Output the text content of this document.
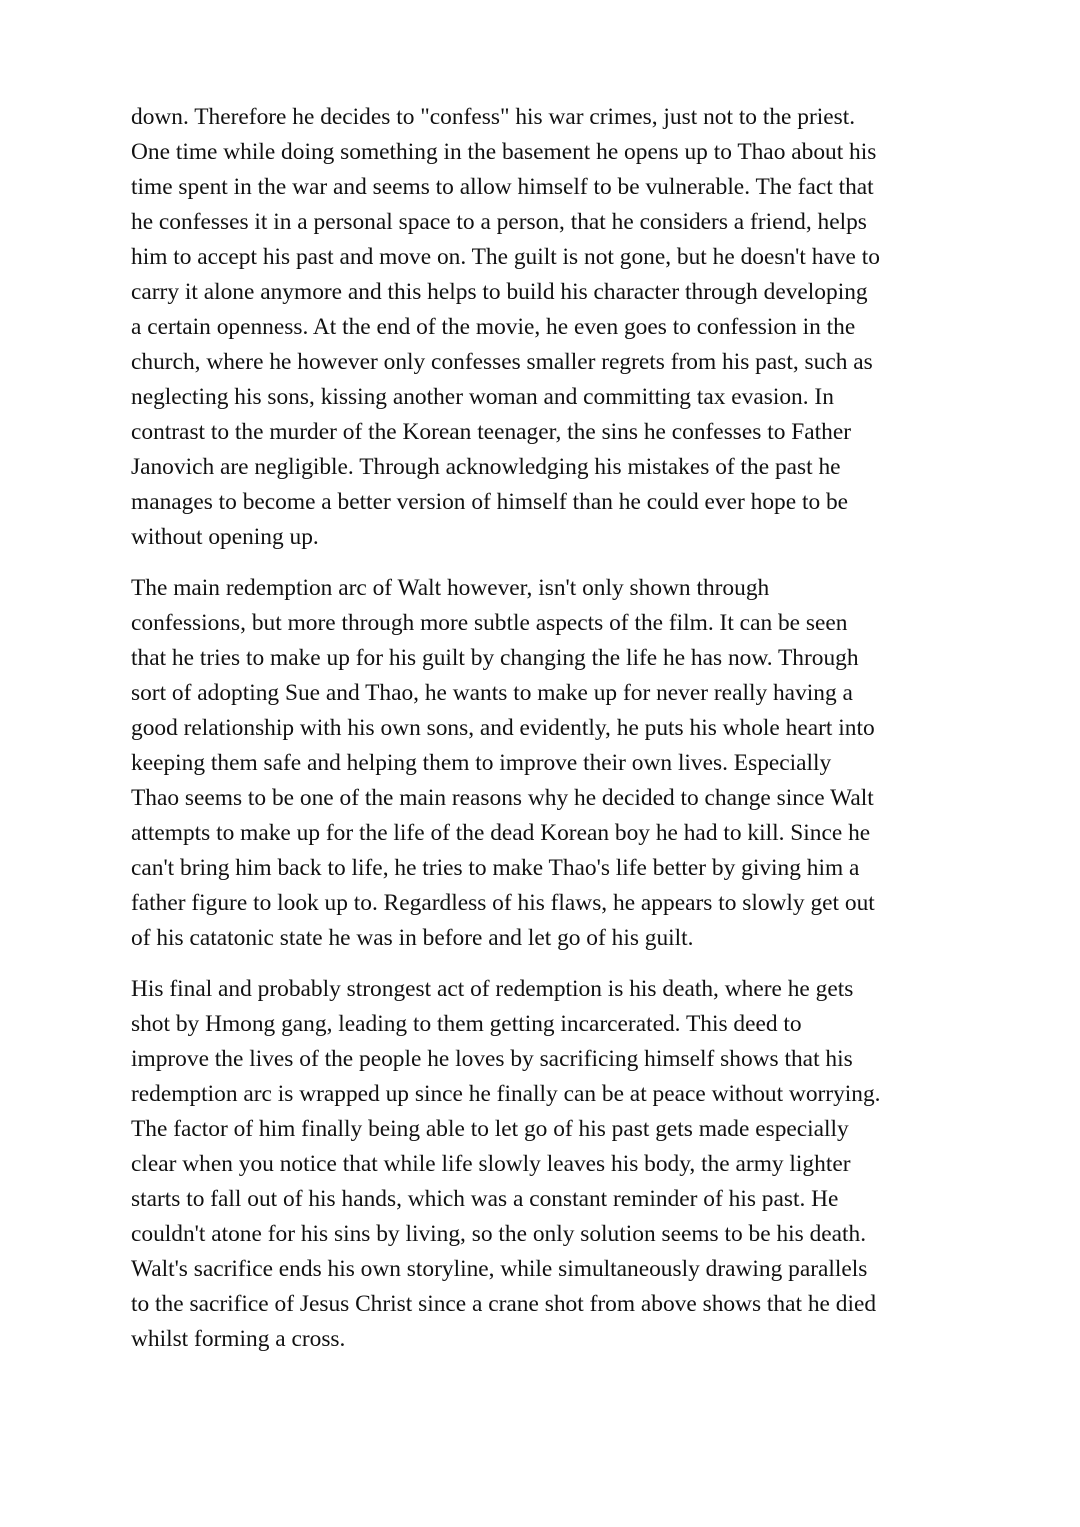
down. Therefore he decides to "confess" his war crimes, just not to the priest.
One time while doing something in the basement he opens up to Thao about his
time spent in the war and seems to allow himself to be vulnerable. The fact that
he confesses it in a personal space to a person, that he considers a friend, helps
him to accept his past and move on. The guilt is not gone, but he doesn't have to
carry it alone anymore and this helps to build his character through developing
a certain openness. At the end of the movie, he even goes to confession in the
church, where he however only confesses smaller regrets from his past, such as
neglecting his sons, kissing another woman and committing tax evasion. In
contrast to the murder of the Korean teenager, the sins he confesses to Father
Janovich are negligible. Through acknowledging his mistakes of the past he
manages to become a better version of himself than he could ever hope to be
without opening up.

The main redemption arc of Walt however, isn't only shown through
confessions, but more through more subtle aspects of the film. It can be seen
that he tries to make up for his guilt by changing the life he has now. Through
sort of adopting Sue and Thao, he wants to make up for never really having a
good relationship with his own sons, and evidently, he puts his whole heart into
keeping them safe and helping them to improve their own lives. Especially
Thao seems to be one of the main reasons why he decided to change since Walt
attempts to make up for the life of the dead Korean boy he had to kill. Since he
can't bring him back to life, he tries to make Thao's life better by giving him a
father figure to look up to. Regardless of his flaws, he appears to slowly get out
of his catatonic state he was in before and let go of his guilt.

His final and probably strongest act of redemption is his death, where he gets
shot by Hmong gang, leading to them getting incarcerated. This deed to
improve the lives of the people he loves by sacrificing himself shows that his
redemption arc is wrapped up since he finally can be at peace without worrying.
The factor of him finally being able to let go of his past gets made especially
clear when you notice that while life slowly leaves his body, the army lighter
starts to fall out of his hands, which was a constant reminder of his past. He
couldn't atone for his sins by living, so the only solution seems to be his death.
Walt's sacrifice ends his own storyline, while simultaneously drawing parallels
to the sacrifice of Jesus Christ since a crane shot from above shows that he died
whilst forming a cross.
